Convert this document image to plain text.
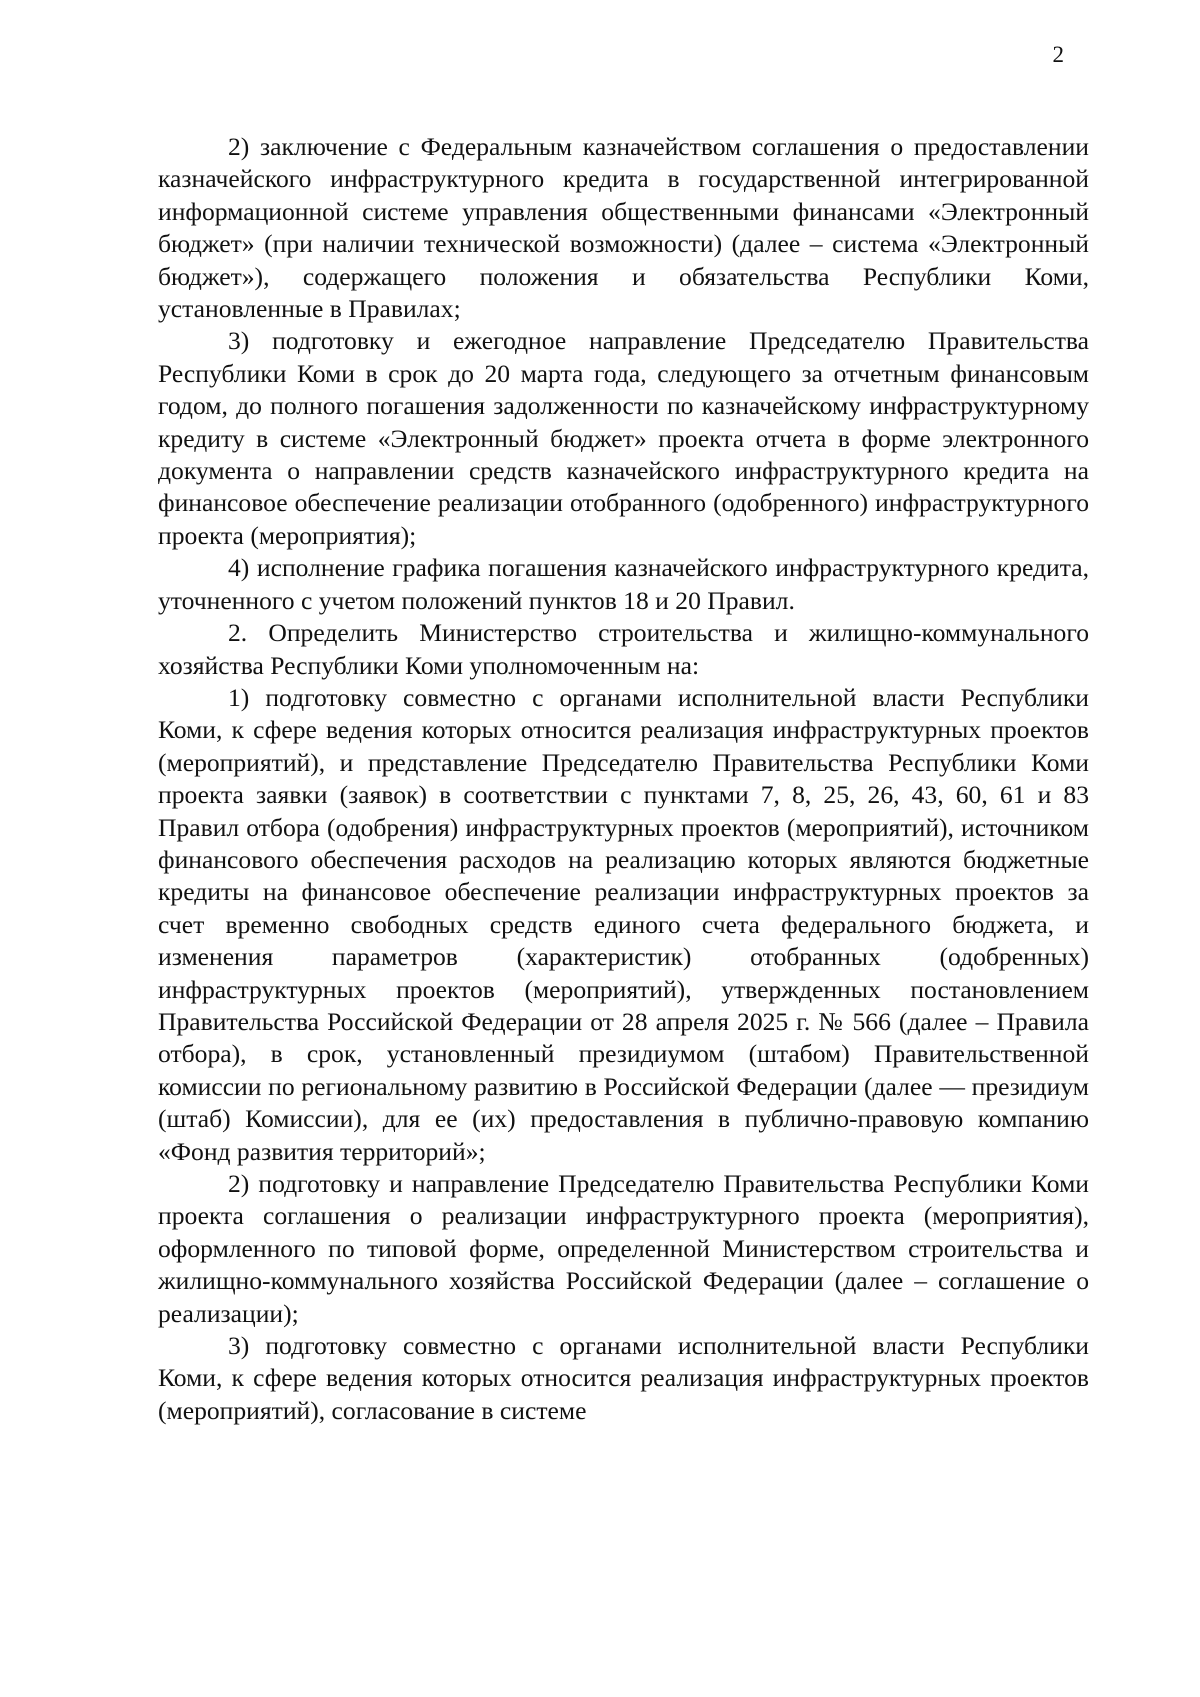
2

2) заключение с Федеральным казначейством соглашения о предоставлении казначейского инфраструктурного кредита в государственной интегрированной информационной системе управления общественными финансами «Электронный бюджет» (при наличии технической возможности) (далее – система «Электронный бюджет»), содержащего положения и обязательства Республики Коми, установленные в Правилах;

3) подготовку и ежегодное направление Председателю Правительства Республики Коми в срок до 20 марта года, следующего за отчетным финансовым годом, до полного погашения задолженности по казначейскому инфраструктурному кредиту в системе «Электронный бюджет» проекта отчета в форме электронного документа о направлении средств казначейского инфраструктурного кредита на финансовое обеспечение реализации отобранного (одобренного) инфраструктурного проекта (мероприятия);

4) исполнение графика погашения казначейского инфраструктурного кредита, уточненного с учетом положений пунктов 18 и 20 Правил.

2. Определить Министерство строительства и жилищно-коммунального хозяйства Республики Коми уполномоченным на:

1) подготовку совместно с органами исполнительной власти Республики Коми, к сфере ведения которых относится реализация инфраструктурных проектов (мероприятий), и представление Председателю Правительства Республики Коми проекта заявки (заявок) в соответствии с пунктами 7, 8, 25, 26, 43, 60, 61 и 83 Правил отбора (одобрения) инфраструктурных проектов (мероприятий), источником финансового обеспечения расходов на реализацию которых являются бюджетные кредиты на финансовое обеспечение реализации инфраструктурных проектов за счет временно свободных средств единого счета федерального бюджета, и изменения параметров (характеристик) отобранных (одобренных) инфраструктурных проектов (мероприятий), утвержденных постановлением Правительства Российской Федерации от 28 апреля 2025 г. № 566 (далее – Правила отбора), в срок, установленный президиумом (штабом) Правительственной комиссии по региональному развитию в Российской Федерации (далее — президиум (штаб) Комиссии), для ее (их) предоставления в публично-правовую компанию «Фонд развития территорий»;

2) подготовку и направление Председателю Правительства Республики Коми проекта соглашения о реализации инфраструктурного проекта (мероприятия), оформленного по типовой форме, определенной Министерством строительства и жилищно-коммунального хозяйства Российской Федерации (далее – соглашение о реализации);

3) подготовку совместно с органами исполнительной власти Республики Коми, к сфере ведения которых относится реализация инфраструктурных проектов (мероприятий), согласование в системе
